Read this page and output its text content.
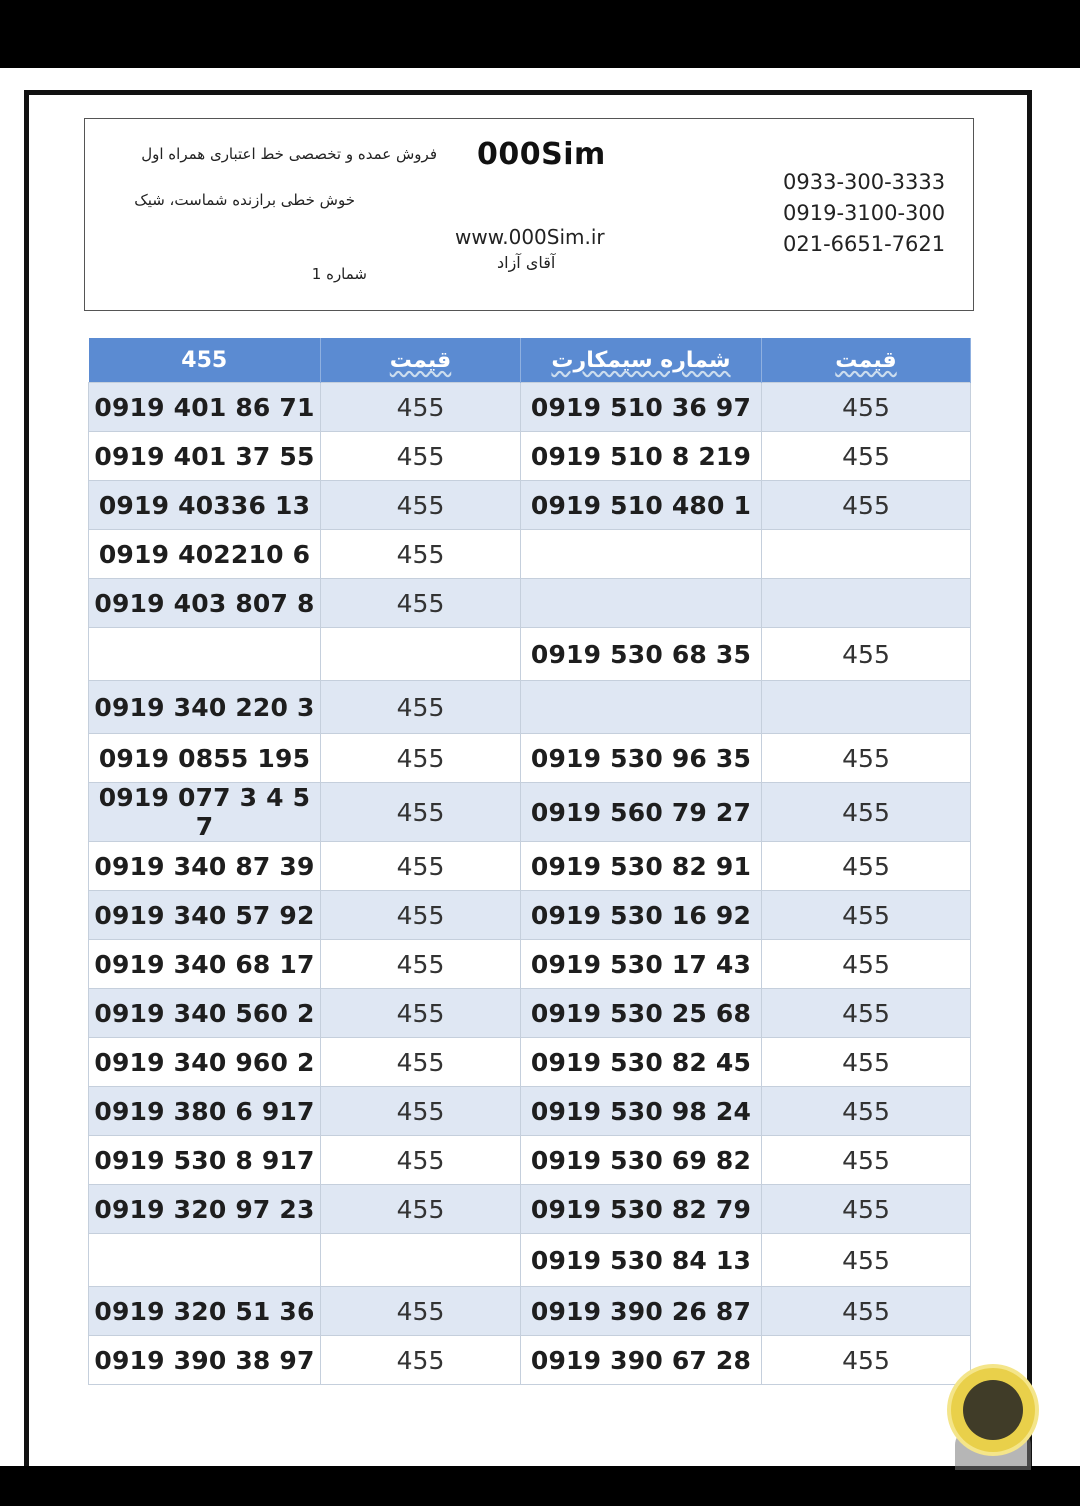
000Sim
www.000Sim.ir
آقای آزاد
فروش عمده و تخصصی خط اعتباری همراه اول
خوش خطی برازنده شماست، شیک
شماره 1
0933-300-3333
0919-3100-300
021-6651-7621
455	قیمت	شماره سیمکارت	قیمت
0919 401 86 71	455	0919 510 36 97	455
0919 401 37 55	455	0919 510 8 219	455
0919 40336 13	455	0919 510 480 1	455
0919 402210 6	455		
0919 403 807 8	455		
		0919 530 68 35	455
0919 340 220 3	455		
0919 0855 195	455	0919 530 96 35	455
0919 077 3 4 5 7	455	0919 560 79 27	455
0919 340 87 39	455	0919 530 82 91	455
0919 340 57 92	455	0919 530 16 92	455
0919 340 68 17	455	0919 530 17 43	455
0919 340 560 2	455	0919 530 25 68	455
0919 340 960 2	455	0919 530 82 45	455
0919 380 6 917	455	0919 530 98 24	455
0919 530 8 917	455	0919 530 69 82	455
0919 320 97 23	455	0919 530 82 79	455
		0919 530 84 13	455
0919 320 51 36	455	0919 390 26 87	455
0919 390 38 97	455	0919 390 67 28	455
